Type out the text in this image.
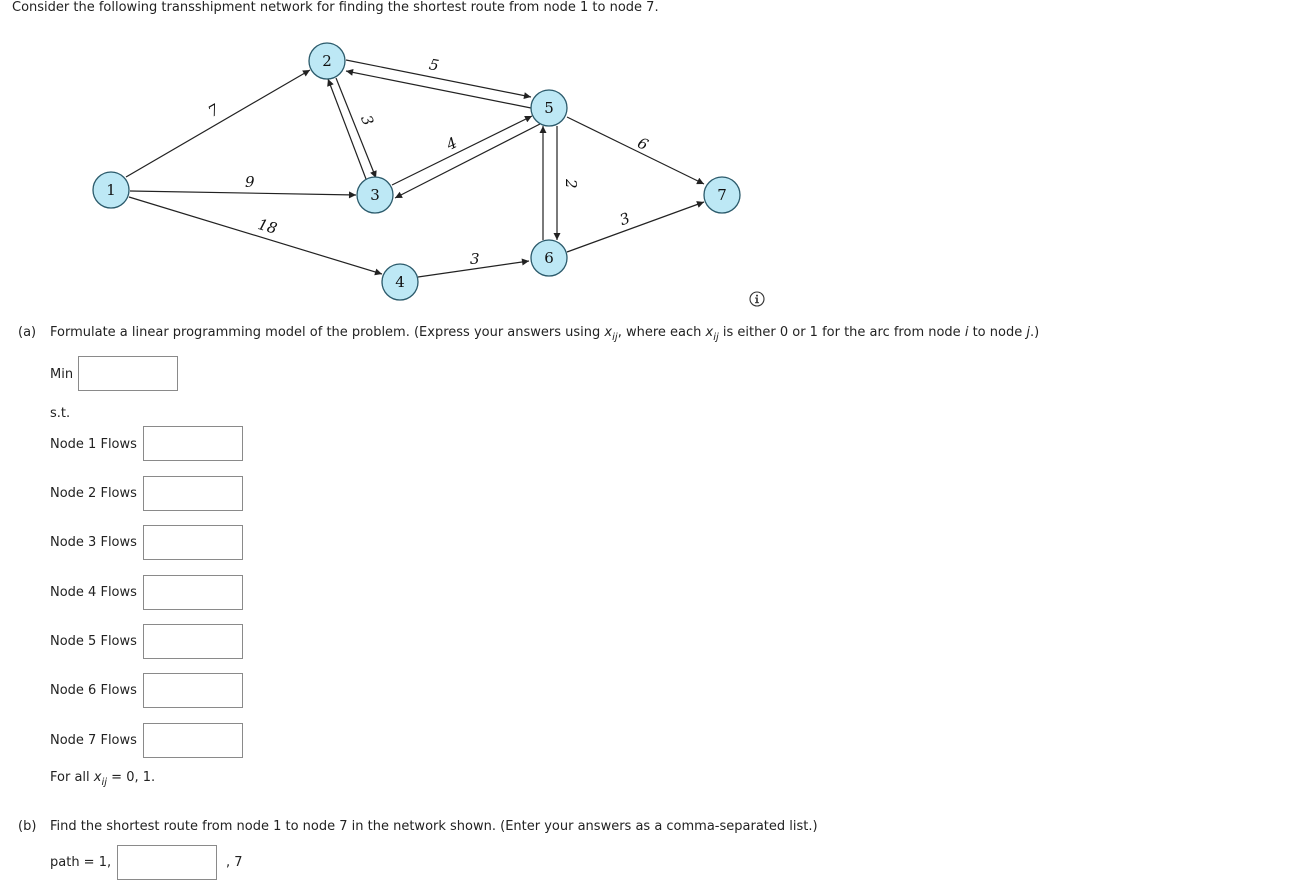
Consider the following transshipment network for finding the shortest route from node 1 to node 7.
7
9
18
3
5
4
3
2
6
3
1
2
3
4
5
6
7
(a) Formulate a linear programming model of the problem. (Express your answers using $x_{ij}$, where each $x_{ij}$ is either 0 or 1 for the arc from node i to node j.)
Min
s.t.
Node 1 Flows
Node 2 Flows
Node 3 Flows
Node 4 Flows
Node 5 Flows
Node 6 Flows
Node 7 Flows
For all $x_{ij} = 0$, 1.
(b) Find the shortest route from node 1 to node 7 in the network shown. (Enter your answers as a comma-separated list.)
path = 1,	, 7
